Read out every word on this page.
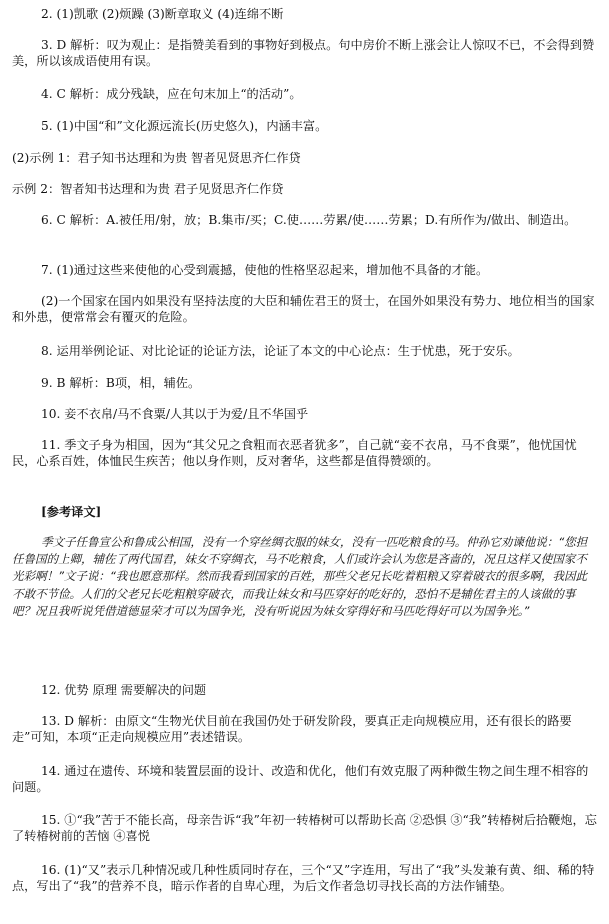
2. (1)凯歌 (2)烦躁 (3)断章取义 (4)连绵不断

3. D 解析：叹为观止：是指赞美看到的事物好到极点。句中房价不断上涨会让人惊叹不已，不会得到赞美，所以该成语使用有误。

4. C 解析：成分残缺，应在句末加上“的活动”。

5. (1)中国“和”文化源远流长(历史悠久)，内涵丰富。

(2)示例 1：君子知书达理和为贵 智者见贤思齐仁作贷

示例 2：智者知书达理和为贵 君子见贤思齐仁作贷

6. C 解析：A.被任用/射，放；B.集市/买；C.使……劳累/使……劳累；D.有所作为/做出、制造出。

7. (1)通过这些来使他的心受到震撼，使他的性格坚忍起来，增加他不具备的才能。

(2)一个国家在国内如果没有坚持法度的大臣和辅佐君王的贤士，在国外如果没有势力、地位相当的国家和外患，便常常会有覆灭的危险。

8. 运用举例论证、对比论证的论证方法，论证了本文的中心论点：生于忧患，死于安乐。

9. B 解析：B项，相，辅佐。

10. 妾不衣帛/马不食粟/人其以于为爱/且不华国乎

11. 季文子身为相国，因为“其父兄之食粗而衣恶者犹多”，自己就“妾不衣帛，马不食粟”，他忧国忧民，心系百姓，体恤民生疾苦；他以身作则，反对奢华，这些都是值得赞颂的。

[参考译文]

季文子任鲁宣公和鲁成公相国，没有一个穿丝绸衣服的妹女，没有一匹吃粮食的马。仲孙它劝谏他说：“您担任鲁国的上卿，辅佐了两代国君，妹女不穿绸衣，马不吃粮食，人们或许会认为您是吝啬的，况且这样又使国家不光彩啊！”文子说：“我也愿意那样。然而我看到国家的百姓，那些父老兄长吃着粗粮又穿着破衣的很多啊，我因此不敢不节俭。人们的父老兄长吃粗粮穿破衣，而我让妹女和马匹穿好的吃好的，恐怕不是辅佐君主的人该做的事吧？况且我听说凭借道德显荣才可以为国争光，没有听说因为妹女穿得好和马匹吃得好可以为国争光。”

12. 优势 原理 需要解决的问题

13. D 解析：由原文“生物光伏目前在我国仍处于研发阶段，要真正走向规模应用，还有很长的路要走”可知，本项“正走向规模应用”表述错误。

14. 通过在遗传、环境和装置层面的设计、改造和优化，他们有效克服了两种微生物之间生理不相容的问题。

15. ①“我”苦于不能长高，母亲告诉“我”年初一转椿树可以帮助长高 ②恐惧 ③“我”转椿树后拾鞭炮，忘了转椿树前的苦恼 ④喜悦

16. (1)“又”表示几种情况或几种性质同时存在，三个“又”字连用，写出了“我”头发兼有黄、细、稀的特点，写出了“我”的营养不良，暗示作者的自卑心理，为后文作者急切寻找长高的方法作铺垫。
